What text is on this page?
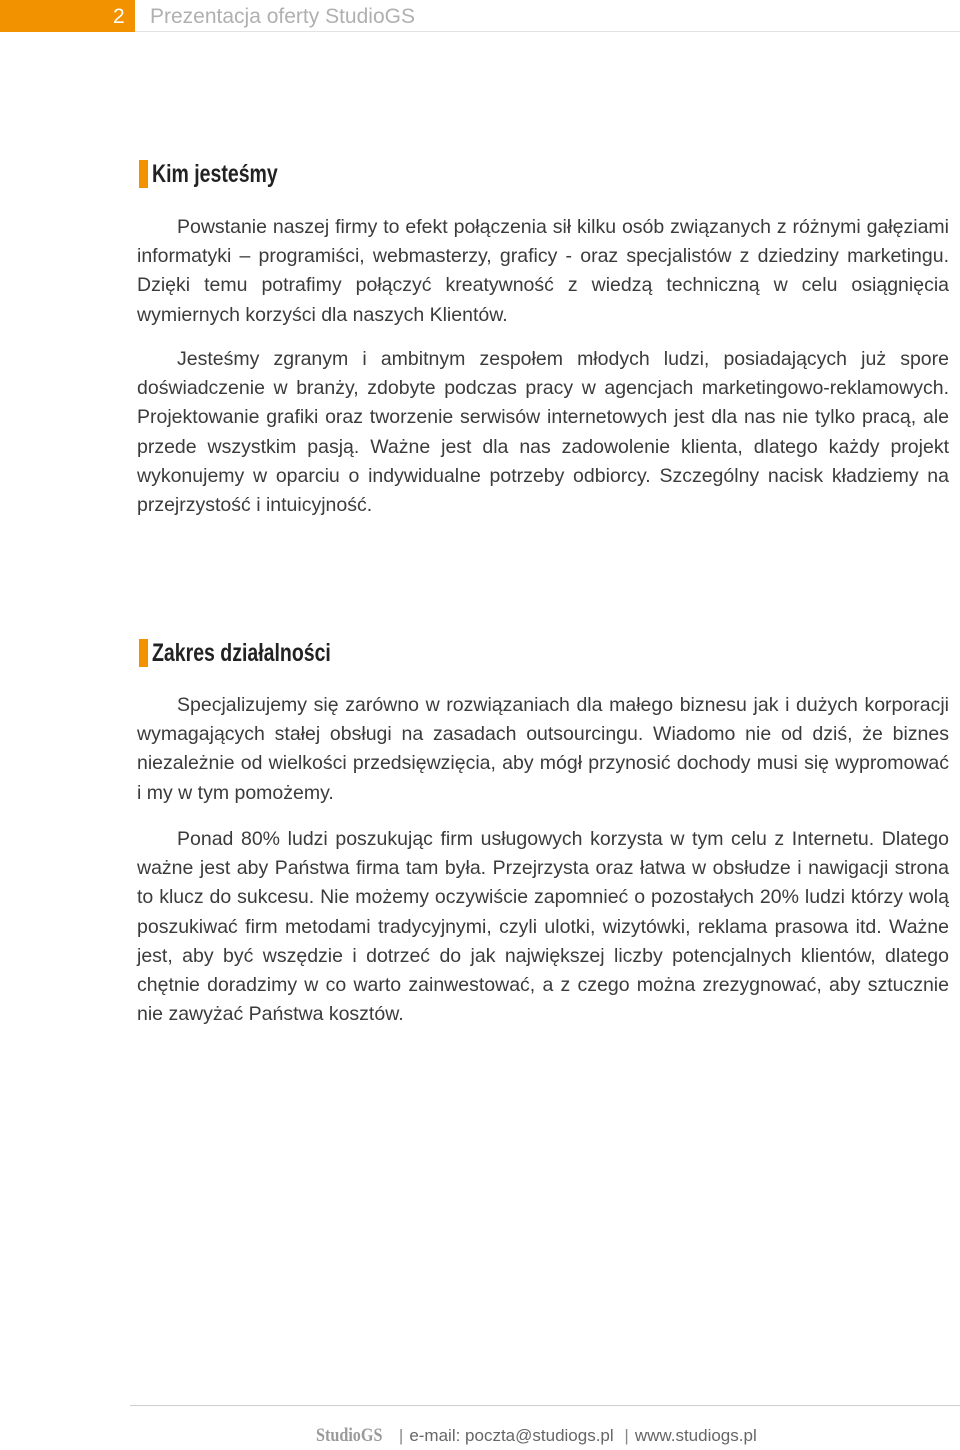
2	Prezentacja oferty StudioGS
Kim jesteśmy

Powstanie naszej firmy to efekt połączenia sił kilku osób związanych z różnymi gałęziami informatyki – programiści, webmasterzy, graficy - oraz specjalistów z dziedziny marketingu. Dzięki temu potrafimy połączyć kreatywność z wiedzą techniczną w celu osiągnięcia wymiernych korzyści dla naszych Klientów.

Jesteśmy zgranym i ambitnym zespołem młodych ludzi, posiadających już spore doświadczenie w branży, zdobyte podczas pracy w agencjach marketingowo-reklamowych. Projektowanie grafiki oraz tworzenie serwisów internetowych jest dla nas nie tylko pracą, ale przede wszystkim pasją. Ważne jest dla nas zadowolenie klienta, dlatego każdy projekt wykonujemy w oparciu o indywidualne potrzeby odbiorcy. Szczególny nacisk kładziemy na przejrzystość i intuicyjność.

Zakres działalności

Specjalizujemy się zarówno w rozwiązaniach dla małego biznesu jak i dużych korporacji wymagających stałej obsługi na zasadach outsourcingu. Wiadomo nie od dziś, że biznes niezależnie od wielkości przedsięwzięcia, aby mógł przynosić dochody musi się wypromować i my w tym pomożemy.

Ponad 80% ludzi poszukując firm usługowych korzysta w tym celu z Internetu. Dlatego ważne jest aby Państwa firma tam była. Przejrzysta oraz łatwa w obsłudze i nawigacji strona to klucz do sukcesu. Nie możemy oczywiście zapomnieć o pozostałych 20% ludzi którzy wolą poszukiwać firm metodami tradycyjnymi, czyli ulotki, wizytówki, reklama prasowa itd. Ważne jest, aby być wszędzie i dotrzeć do jak największej liczby potencjalnych klientów, dlatego chętnie doradzimy w co warto zainwestować, a z czego można zrezygnować, aby sztucznie nie zawyżać Państwa kosztów.

StudioGS | e-mail: poczta@studiogs.pl | www.studiogs.pl
